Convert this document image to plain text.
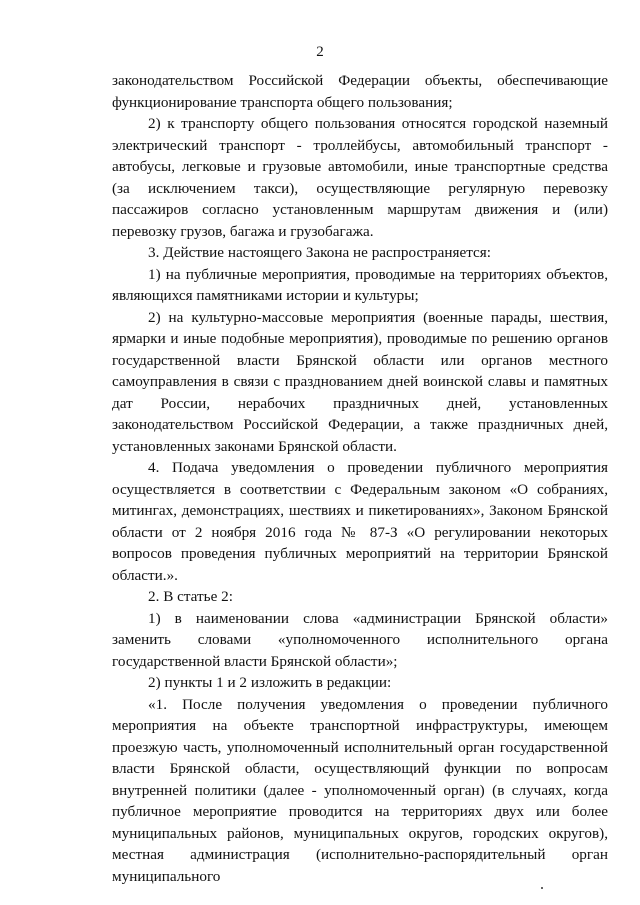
2

законодательством Российской Федерации объекты, обеспечивающие функционирование транспорта общего пользования;

2) к транспорту общего пользования относятся городской наземный электрический транспорт - троллейбусы, автомобильный транспорт - автобусы, легковые и грузовые автомобили, иные транспортные средства (за исключением такси), осуществляющие регулярную перевозку пассажиров согласно установленным маршрутам движения и (или) перевозку грузов, багажа и грузобагажа.

3. Действие настоящего Закона не распространяется:

1) на публичные мероприятия, проводимые на территориях объектов, являющихся памятниками истории и культуры;

2) на культурно-массовые мероприятия (военные парады, шествия, ярмарки и иные подобные мероприятия), проводимые по решению органов государственной власти Брянской области или органов местного самоуправления в связи с празднованием дней воинской славы и памятных дат России, нерабочих праздничных дней, установленных законодательством Российской Федерации, а также праздничных дней, установленных законами Брянской области.

4. Подача уведомления о проведении публичного мероприятия осуществляется в соответствии с Федеральным законом «О собраниях, митингах, демонстрациях, шествиях и пикетированиях», Законом Брянской области от 2 ноября 2016 года № 87-З «О регулировании некоторых вопросов проведения публичных мероприятий на территории Брянской области.».

2. В статье 2:

1) в наименовании слова «администрации Брянской области» заменить словами «уполномоченного исполнительного органа государственной власти Брянской области»;

2) пункты 1 и 2 изложить в редакции:

«1. После получения уведомления о проведении публичного мероприятия на объекте транспортной инфраструктуры, имеющем проезжую часть, уполномоченный исполнительный орган государственной власти Брянской области, осуществляющий функции по вопросам внутренней политики (далее - уполномоченный орган) (в случаях, когда публичное мероприятие проводится на территориях двух или более муниципальных районов, муниципальных округов, городских округов), местная администрация (исполнительно-распорядительный орган муниципального
